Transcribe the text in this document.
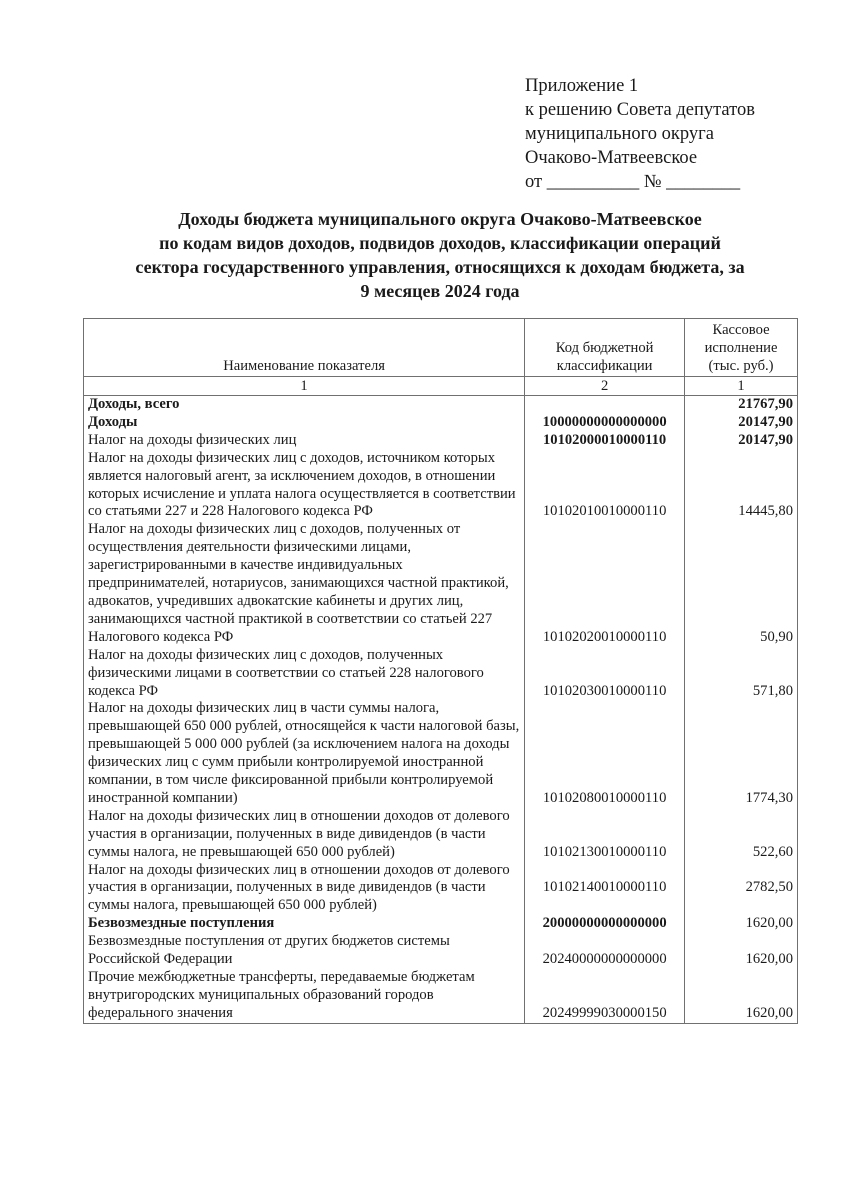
Приложение 1
к решению Совета депутатов
муниципального округа
Очаково-Матвеевское
от __________ № ________
Доходы бюджета муниципального округа Очаково-Матвеевское
по кодам видов доходов, подвидов доходов, классификации операций
сектора государственного управления, относящихся к доходам бюджета, за
9 месяцев 2024 года
Наименование показателя	Код бюджетной классификации	Кассовое исполнение (тыс. руб.)
1	2	1
Доходы, всего		21767,90
Доходы	10000000000000000	20147,90
Налог на доходы физических лиц	10102000010000110	20147,90
Налог на доходы физических лиц с доходов, источником которых является налоговый агент, за исключением доходов, в отношении которых исчисление и уплата налога осуществляется в соответствии со статьями 227 и 228 Налогового кодекса РФ	10102010010000110	14445,80
Налог на доходы физических лиц с доходов, полученных от осуществления деятельности физическими лицами, зарегистрированными в качестве индивидуальных предпринимателей, нотариусов, занимающихся частной практикой, адвокатов, учредивших адвокатские кабинеты и других лиц, занимающихся частной практикой в соответствии со статьей 227 Налогового кодекса РФ	10102020010000110	50,90
Налог на доходы физических лиц с доходов, полученных физическими лицами в соответствии со статьей 228 налогового кодекса РФ	10102030010000110	571,80
Налог на доходы физических лиц в части суммы налога, превышающей 650 000 рублей, относящейся к части налоговой базы, превышающей 5 000 000 рублей (за исключением налога на доходы физических лиц с сумм прибыли контролируемой иностранной компании, в том числе фиксированной прибыли контролируемой иностранной компании)	10102080010000110	1774,30
Налог на доходы физических лиц в отношении доходов от долевого участия в организации, полученных в виде дивидендов (в части суммы налога, не превышающей 650 000 рублей)	10102130010000110	522,60
Налог на доходы физических лиц в отношении доходов от долевого участия в организации, полученных в виде дивидендов (в части суммы налога, превышающей 650 000 рублей)	10102140010000110	2782,50
Безвозмездные поступления	20000000000000000	1620,00
Безвозмездные поступления от других бюджетов системы Российской Федерации	20240000000000000	1620,00
Прочие межбюджетные трансферты, передаваемые бюджетам внутригородских муниципальных образований городов федерального значения	20249999030000150	1620,00
